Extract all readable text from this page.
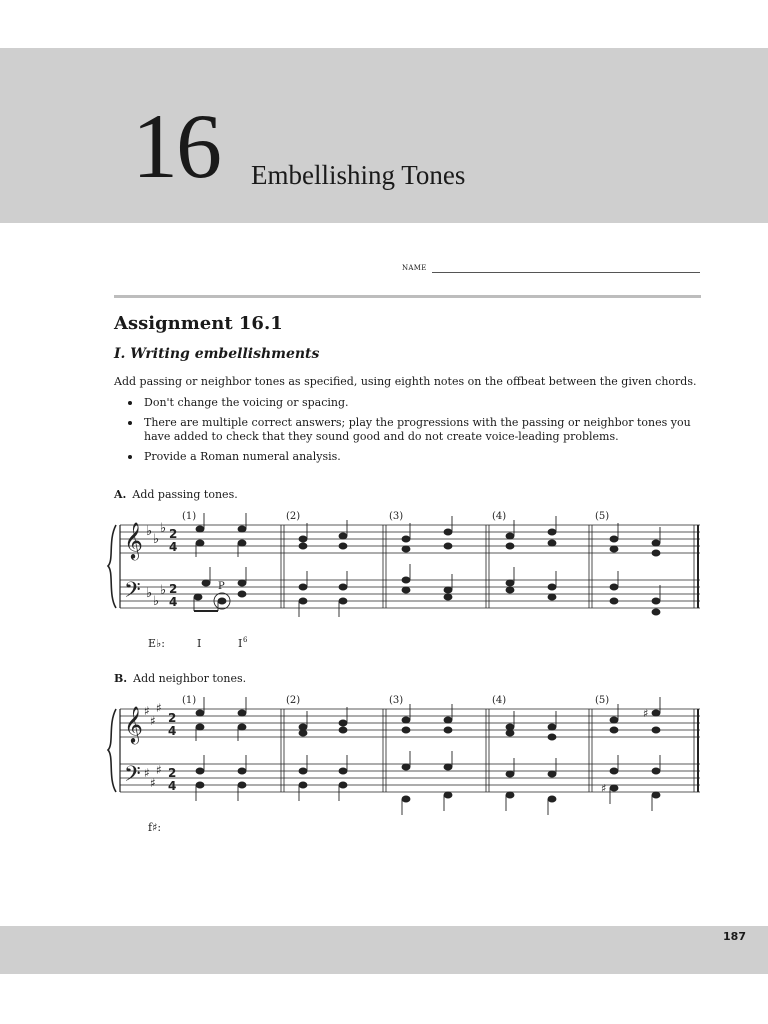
16 Embellishing Tones
NAME
Assignment 16.1
I. Writing embellishments
Add passing or neighbor tones as specified, using eighth notes on the offbeat between the given chords.
Don't change the voicing or spacing.
There are multiple correct answers; play the progressions with the passing or neighbor tones you have added to check that they sound good and do not create voice-leading problems.
Provide a Roman numeral analysis.
A. Add passing tones.
𝄞
𝄢
♭
♭
♭
♭
♭
♭
2
4
2
4
(1)	(2)	(3)	(4)	(5)
P
E♭:	I	I 6
B. Add neighbor tones.
𝄞
𝄢
♯
♯
♯
♯
♯
♯
2
4
2
4
(1)	(2)	(3)	(4)	(5)
♯
♯
f♯:
187
